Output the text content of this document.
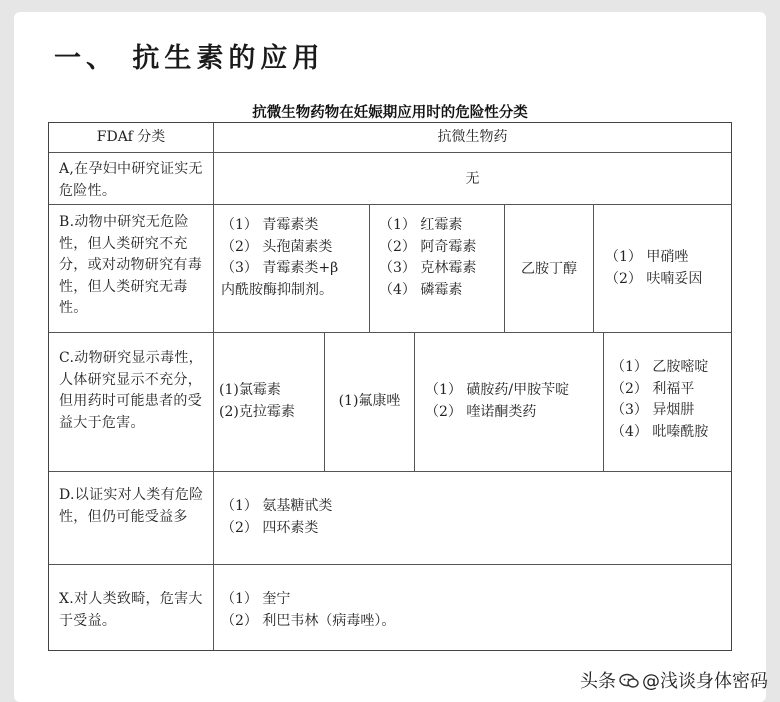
一、 抗生素的应用
抗微生物药物在妊娠期应用时的危险性分类
FDAf 分类	抗微生物药
A,在孕妇中研究证实无危险性。
无
B.动物中研究无危险性，但人类研究不充分，或对动物研究有毒性，但人类研究无毒性。
（1） 青霉素类
（2） 头孢菌素类
（3） 青霉素类+β
内酰胺酶抑制剂。
（1） 红霉素
（2） 阿奇霉素
（3） 克林霉素
（4） 磷霉素
乙胺丁醇
（1） 甲硝唑
（2） 呋喃妥因
C.动物研究显示毒性，人体研究显示不充分，但用药时可能患者的受益大于危害。
(1)氯霉素
(2)克拉霉素
(1)氟康唑
（1） 磺胺药/甲胺苄啶
（2） 喹诺酮类药
（1） 乙胺嘧啶
（2） 利福平
（3） 异烟肼
（4） 吡嗪酰胺
D.以证实对人类有危险性，但仍可能受益多
（1） 氨基糖甙类
（2） 四环素类
X.对人类致畸，危害大于受益。
（1） 奎宁
（2） 利巴韦林（病毒唑）。
头条 @浅谈身体密码
